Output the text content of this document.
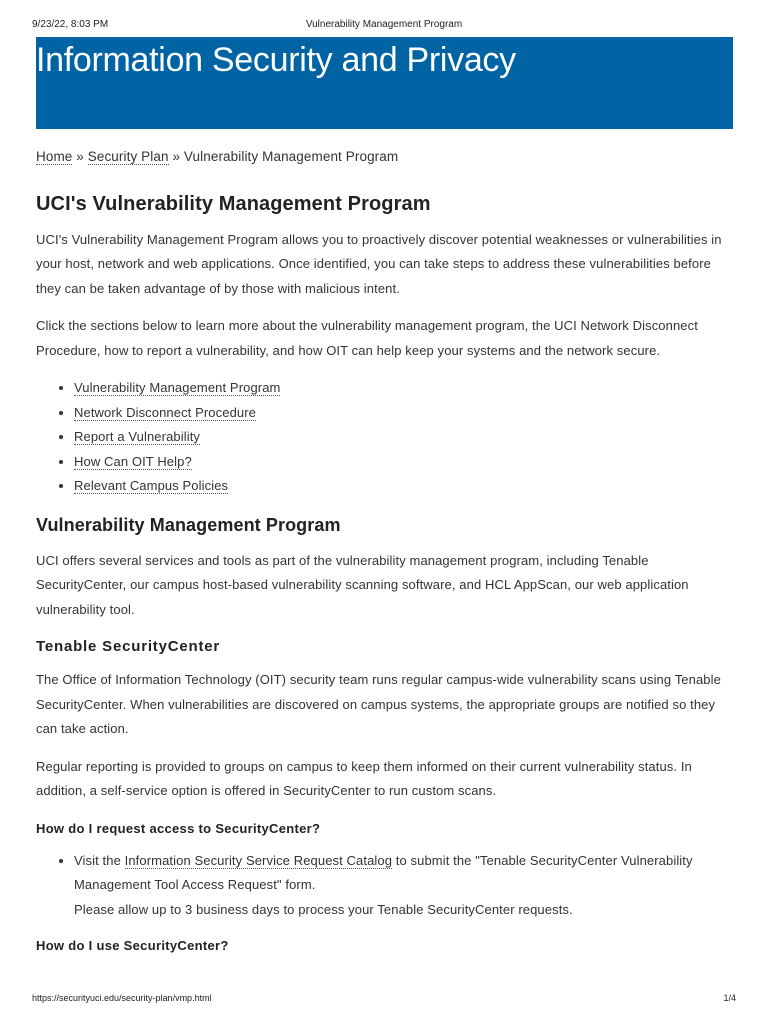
9/23/22, 8:03 PM	Vulnerability Management Program
Information Security and Privacy
Home » Security Plan » Vulnerability Management Program
UCI's Vulnerability Management Program

UCI's Vulnerability Management Program allows you to proactively discover potential weaknesses or vulnerabilities in your host, network and web applications. Once identified, you can take steps to address these vulnerabilities before they can be taken advantage of by those with malicious intent.

Click the sections below to learn more about the vulnerability management program, the UCI Network Disconnect Procedure, how to report a vulnerability, and how OIT can help keep your systems and the network secure.

• Vulnerability Management Program
• Network Disconnect Procedure
• Report a Vulnerability
• How Can OIT Help?
• Relevant Campus Policies
Vulnerability Management Program

UCI offers several services and tools as part of the vulnerability management program, including Tenable SecurityCenter, our campus host-based vulnerability scanning software, and HCL AppScan, our web application vulnerability tool.

Tenable SecurityCenter

The Office of Information Technology (OIT) security team runs regular campus-wide vulnerability scans using Tenable SecurityCenter. When vulnerabilities are discovered on campus systems, the appropriate groups are notified so they can take action.

Regular reporting is provided to groups on campus to keep them informed on their current vulnerability status. In addition, a self-service option is offered in SecurityCenter to run custom scans.

How do I request access to SecurityCenter?
• Visit the Information Security Service Request Catalog to submit the "Tenable SecurityCenter Vulnerability Management Tool Access Request" form.
Please allow up to 3 business days to process your Tenable SecurityCenter requests.
How do I use SecurityCenter?
https://securityuci.edu/security-plan/vmp.html	1/4
